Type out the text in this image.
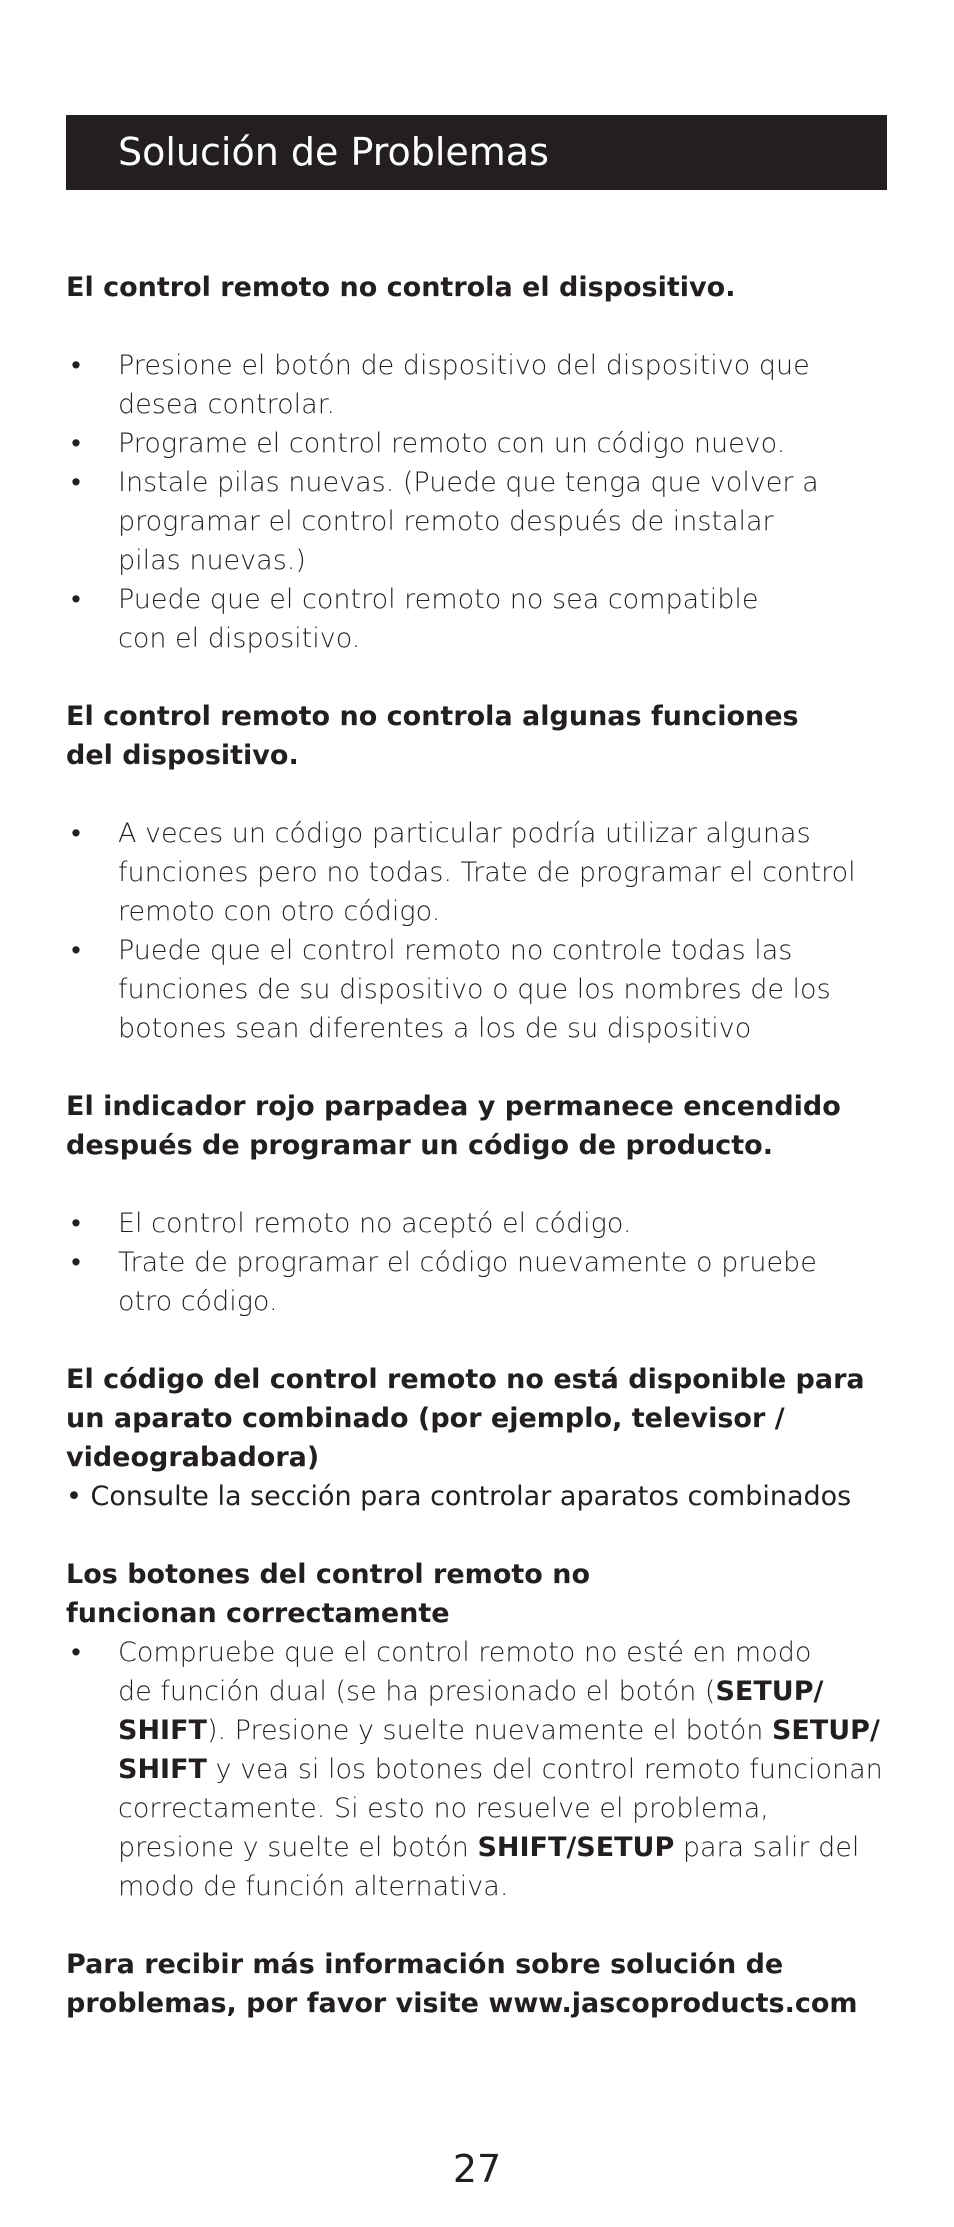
Solución de Problemas

El control remoto no controla el dispositivo.

• Presione el botón de dispositivo del dispositivo que
desea controlar.
• Programe el control remoto con un código nuevo.
• Instale pilas nuevas. (Puede que tenga que volver a
programar el control remoto después de instalar
pilas nuevas.)
• Puede que el control remoto no sea compatible
con el dispositivo.

El control remoto no controla algunas funciones
del dispositivo.

• A veces un código particular podría utilizar algunas
funciones pero no todas. Trate de programar el control
remoto con otro código.
• Puede que el control remoto no controle todas las
funciones de su dispositivo o que los nombres de los
botones sean diferentes a los de su dispositivo

El indicador rojo parpadea y permanece encendido
después de programar un código de producto.

• El control remoto no aceptó el código.
• Trate de programar el código nuevamente o pruebe
otro código.

El código del control remoto no está disponible para
un aparato combinado (por ejemplo, televisor /
videograbadora)

• Consulte la sección para controlar aparatos combinados

Los botones del control remoto no
funcionan correctamente

• Compruebe que el control remoto no esté en modo
de función dual (se ha presionado el botón (SETUP/
SHIFT). Presione y suelte nuevamente el botón SETUP/
SHIFT y vea si los botones del control remoto funcionan
correctamente. Si esto no resuelve el problema,
presione y suelte el botón SHIFT/SETUP para salir del
modo de función alternativa.

Para recibir más información sobre solución de
problemas, por favor visite www.jascoproducts.com

27
